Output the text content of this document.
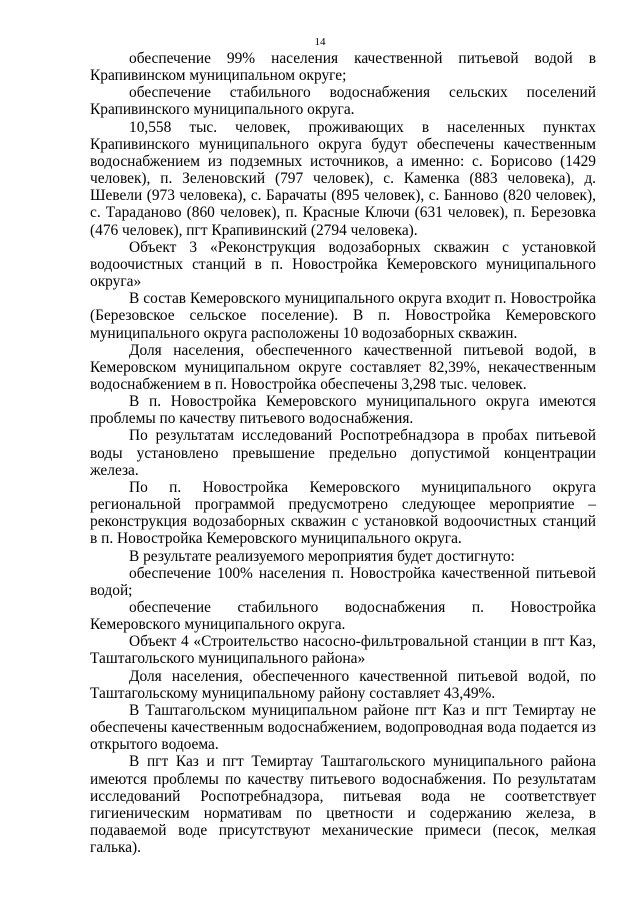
14

обеспечение 99% населения качественной питьевой водой в Крапивинском муниципальном округе;

обеспечение стабильного водоснабжения сельских поселений Крапивинского муниципального округа.

10,558 тыс. человек, проживающих в населенных пунктах Крапивинского муниципального округа будут обеспечены качественным водоснабжением из подземных источников, а именно: с. Борисово (1429 человек), п. Зеленовский (797 человек), с. Каменка (883 человека), д. Шевели (973 человека), с. Барачаты (895 человек), с. Банново (820 человек), с. Тараданово (860 человек), п. Красные Ключи (631 человек), п. Березовка (476 человек), пгт Крапивинский (2794 человека).

Объект 3 «Реконструкция водозаборных скважин с установкой водоочистных станций в п. Новостройка Кемеровского муниципального округа»

В состав Кемеровского муниципального округа входит п. Новостройка (Березовское сельское поселение). В п. Новостройка Кемеровского муниципального округа расположены 10 водозаборных скважин.

Доля населения, обеспеченного качественной питьевой водой, в Кемеровском муниципальном округе составляет 82,39%, некачественным водоснабжением в п. Новостройка обеспечены 3,298 тыс. человек.

В п. Новостройка Кемеровского муниципального округа имеются проблемы по качеству питьевого водоснабжения.

По результатам исследований Роспотребнадзора в пробах питьевой воды установлено превышение предельно допустимой концентрации железа.

По п. Новостройка Кемеровского муниципального округа региональной программой предусмотрено следующее мероприятие – реконструкция водозаборных скважин с установкой водоочистных станций в п. Новостройка Кемеровского муниципального округа.

В результате реализуемого мероприятия будет достигнуто:

обеспечение 100% населения п. Новостройка качественной питьевой водой;

обеспечение стабильного водоснабжения п. Новостройка Кемеровского муниципального округа.

Объект 4 «Строительство насосно-фильтровальной станции в пгт Каз, Таштагольского муниципального района»

Доля населения, обеспеченного качественной питьевой водой, по Таштагольскому муниципальному району составляет 43,49%.

В Таштагольском муниципальном районе пгт Каз и пгт Темиртау не обеспечены качественным водоснабжением, водопроводная вода подается из открытого водоема.

В пгт Каз и пгт Темиртау Таштагольского муниципального района имеются проблемы по качеству питьевого водоснабжения. По результатам исследований Роспотребнадзора, питьевая вода не соответствует гигиеническим нормативам по цветности и содержанию железа, в подаваемой воде присутствуют механические примеси (песок, мелкая галька).
